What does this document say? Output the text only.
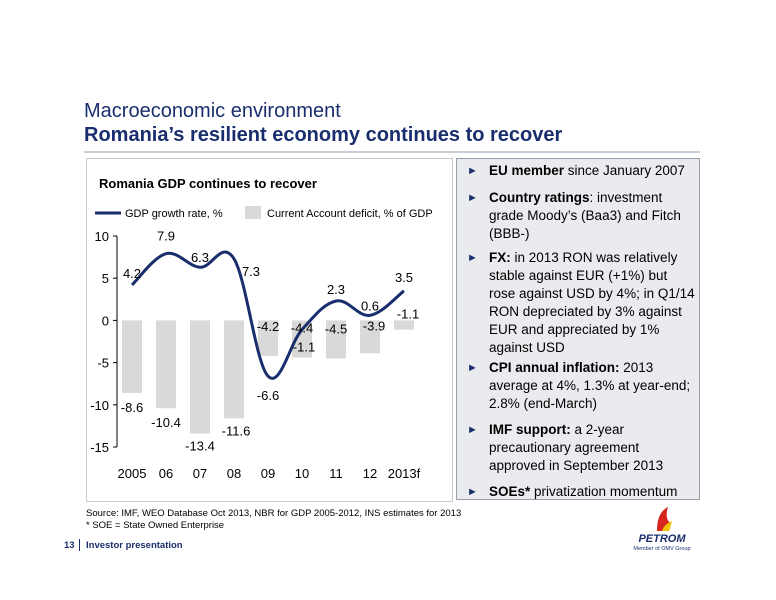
Macroeconomic environment
Romania’s resilient economy continues to recover
Romania GDP continues to recover
GDP growth rate, %	Current Account deficit, % of GDP
10
5
0
-5
-10
-15
4.2
7.9
6.3
7.3
-6.6
-1.1
2.3
0.6
3.5
-8.6
-10.4
-13.4
-11.6
-4.2 -4.4 -4.5 -3.9
-1.1
2005 06 07 08 09 10 11 12 2013f
► EU member since January 2007
► Country ratings: investment grade Moody’s (Baa3) and Fitch (BBB-)
► FX: in 2013 RON was relatively stable against EUR (+1%) but rose against USD by 4%; in Q1/14 RON depreciated by 3% against EUR and appreciated by 1% against USD
► CPI annual inflation: 2013 average at 4%, 1.3% at year-end; 2.8% (end-March)
► IMF support: a 2-year precautionary agreement approved in September 2013
► SOEs* privatization momentum
Source: IMF, WEO Database Oct 2013, NBR for GDP 2005-2012, INS estimates for 2013
* SOE = State Owned Enterprise
13 Investor presentation
PETROM
Member of OMV Group
